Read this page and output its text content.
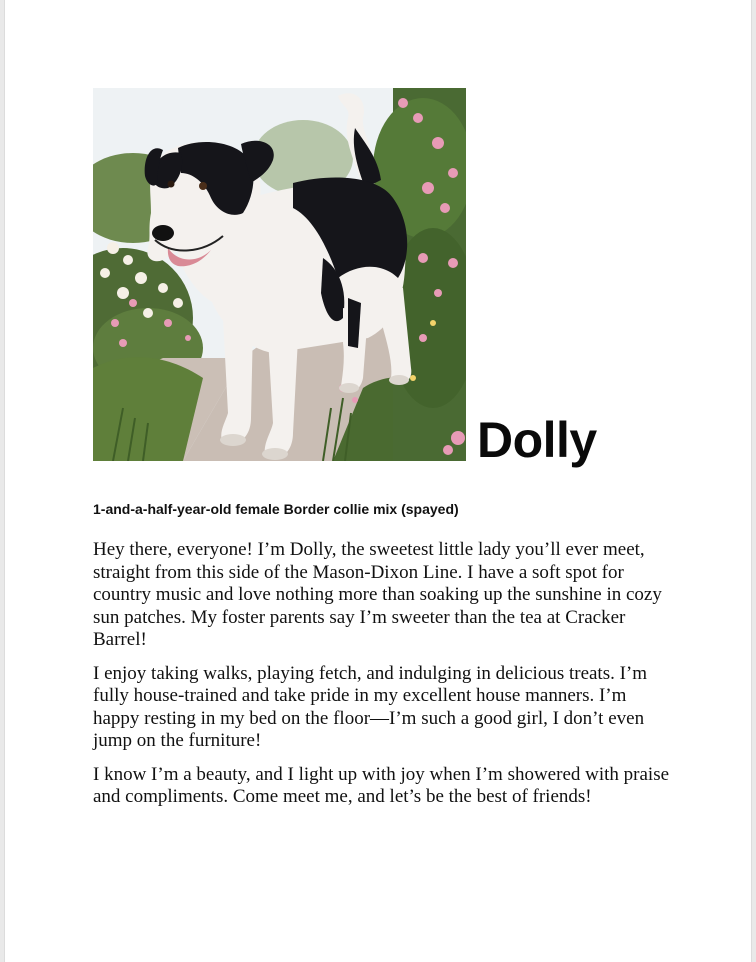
Dolly

1-and-a-half-year-old female Border collie mix (spayed)

Hey there, everyone! I’m Dolly, the sweetest little lady you’ll ever meet, straight from this side of the Mason-Dixon Line. I have a soft spot for country music and love nothing more than soaking up the sunshine in cozy sun patches. My foster parents say I’m sweeter than the tea at Cracker Barrel!

I enjoy taking walks, playing fetch, and indulging in delicious treats. I’m fully house-trained and take pride in my excellent house manners. I’m happy resting in my bed on the floor—I’m such a good girl, I don’t even jump on the furniture!

I know I’m a beauty, and I light up with joy when I’m showered with praise and compliments. Come meet me, and let’s be the best of friends!
